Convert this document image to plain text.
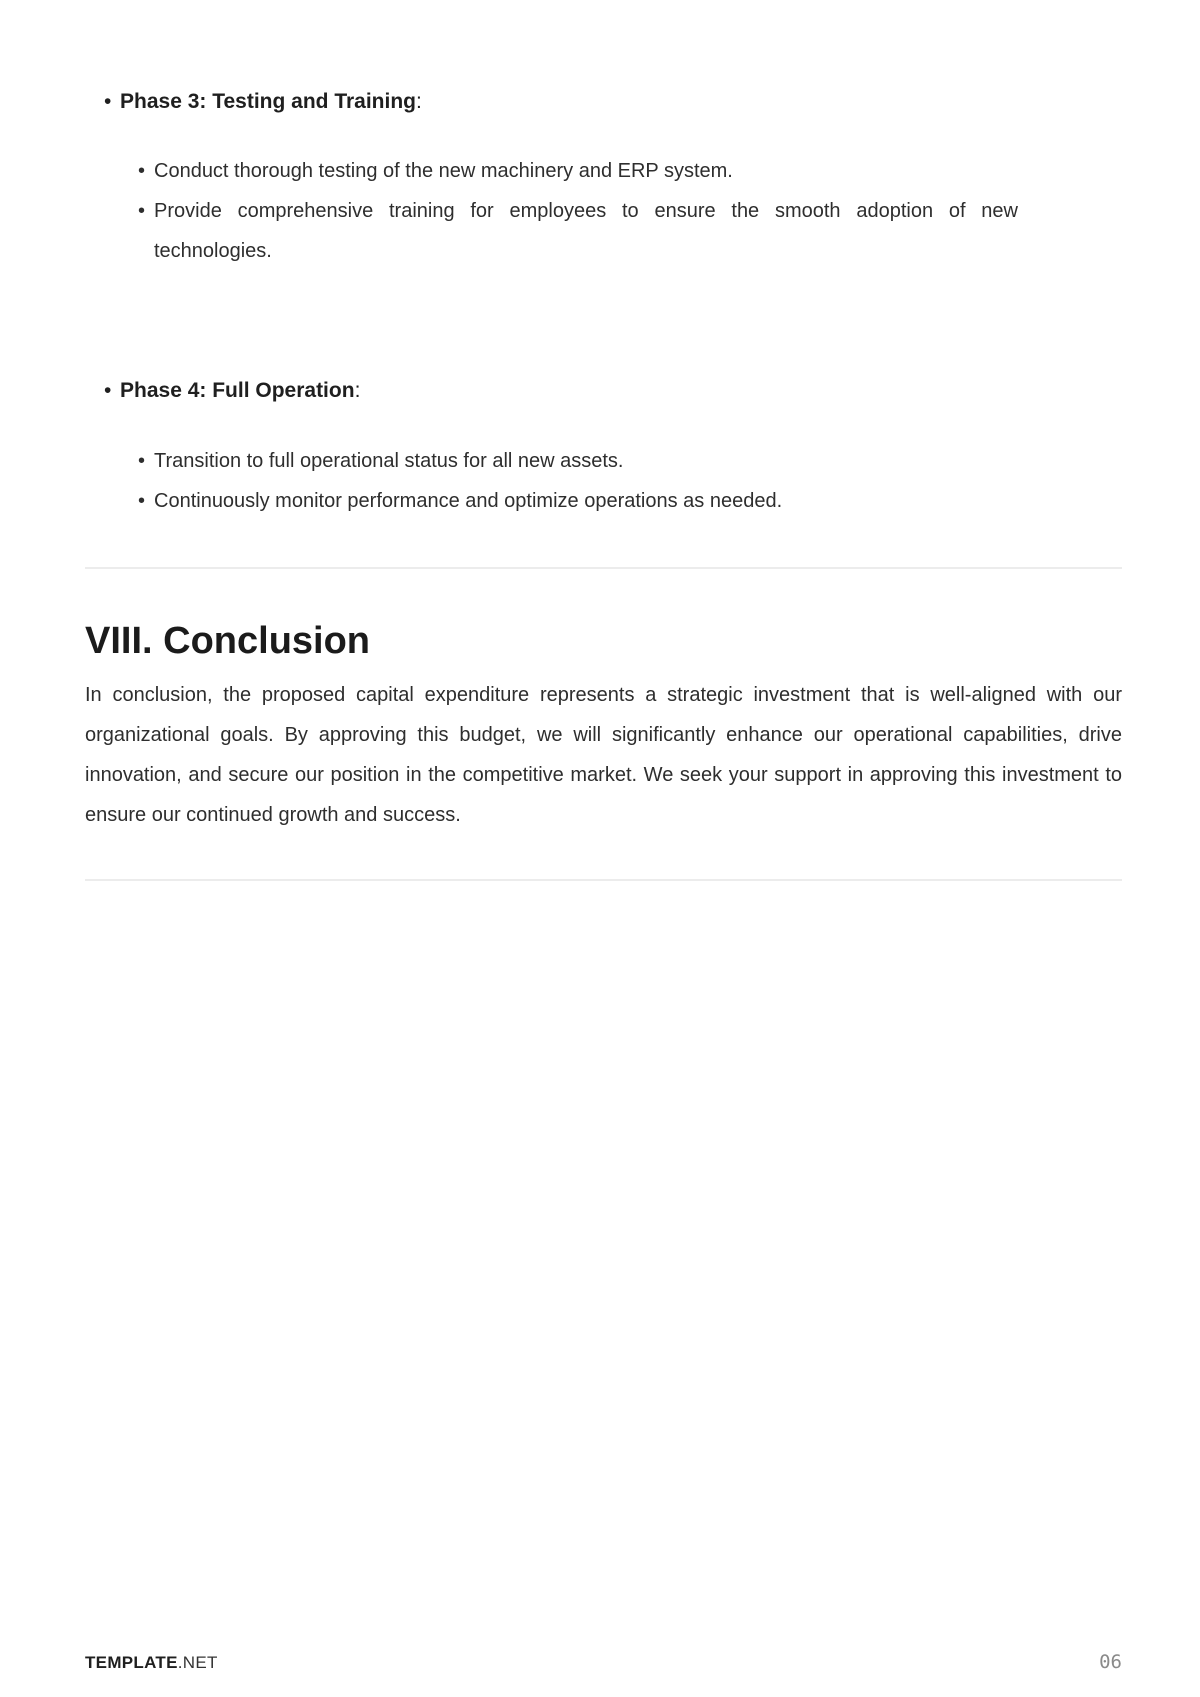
• Phase 3: Testing and Training:
• Conduct thorough testing of the new machinery and ERP system.
• Provide comprehensive training for employees to ensure the smooth adoption of new technologies.
• Phase 4: Full Operation:
• Transition to full operational status for all new assets.
• Continuously monitor performance and optimize operations as needed.
VIII. Conclusion

In conclusion, the proposed capital expenditure represents a strategic investment that is well-aligned with our organizational goals. By approving this budget, we will significantly enhance our operational capabilities, drive innovation, and secure our position in the competitive market. We seek your support in approving this investment to ensure our continued growth and success.

TEMPLATE.NET	06
